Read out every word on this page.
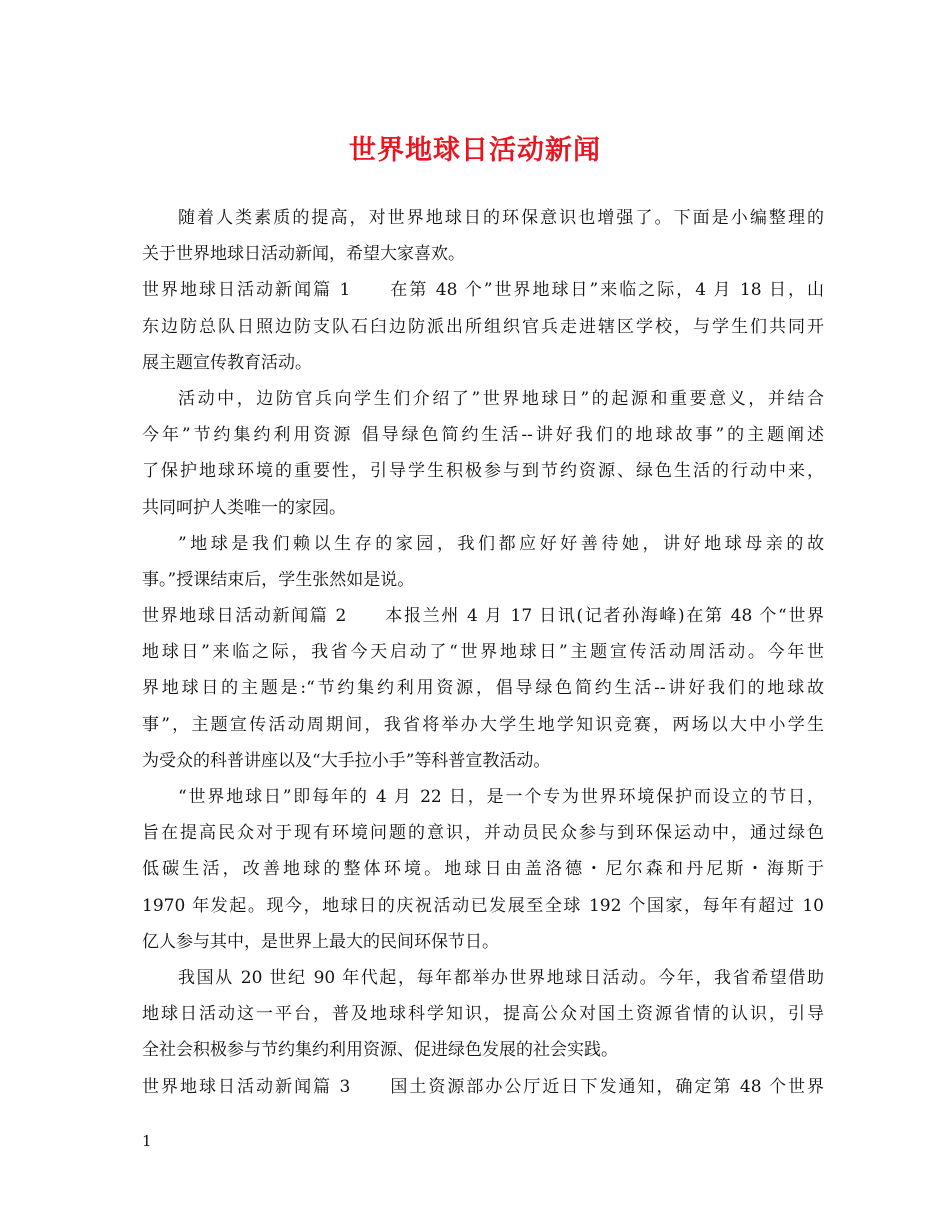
世界地球日活动新闻
随着人类素质的提高，对世界地球日的环保意识也增强了。下面是小编整理的
关于世界地球日活动新闻，希望大家喜欢。
世界地球日活动新闻篇 1　　在第 48 个”世界地球日”来临之际，4 月 18 日，山
东边防总队日照边防支队石臼边防派出所组织官兵走进辖区学校，与学生们共同开
展主题宣传教育活动。
活动中，边防官兵向学生们介绍了”世界地球日”的起源和重要意义，并结合
今年”节约集约利用资源 倡导绿色简约生活--讲好我们的地球故事”的主题阐述
了保护地球环境的重要性，引导学生积极参与到节约资源、绿色生活的行动中来，
共同呵护人类唯一的家园。
”地球是我们赖以生存的家园，我们都应好好善待她，讲好地球母亲的故
事。”授课结束后，学生张然如是说。
世界地球日活动新闻篇 2　　本报兰州 4 月 17 日讯(记者孙海峰)在第 48 个“世界
地球日”来临之际，我省今天启动了“世界地球日”主题宣传活动周活动。今年世
界地球日的主题是:“节约集约利用资源，倡导绿色简约生活--讲好我们的地球故
事”，主题宣传活动周期间，我省将举办大学生地学知识竞赛，两场以大中小学生
为受众的科普讲座以及“大手拉小手”等科普宣教活动。
“世界地球日”即每年的 4 月 22 日，是一个专为世界环境保护而设立的节日，
旨在提高民众对于现有环境问题的意识，并动员民众参与到环保运动中，通过绿色
低碳生活，改善地球的整体环境。地球日由盖洛德・尼尔森和丹尼斯・海斯于
1970 年发起。现今，地球日的庆祝活动已发展至全球 192 个国家，每年有超过 10
亿人参与其中，是世界上最大的民间环保节日。
我国从 20 世纪 90 年代起，每年都举办世界地球日活动。今年，我省希望借助
地球日活动这一平台，普及地球科学知识，提高公众对国土资源省情的认识，引导
全社会积极参与节约集约利用资源、促进绿色发展的社会实践。
世界地球日活动新闻篇 3　　国土资源部办公厅近日下发通知，确定第 48 个世界
1
